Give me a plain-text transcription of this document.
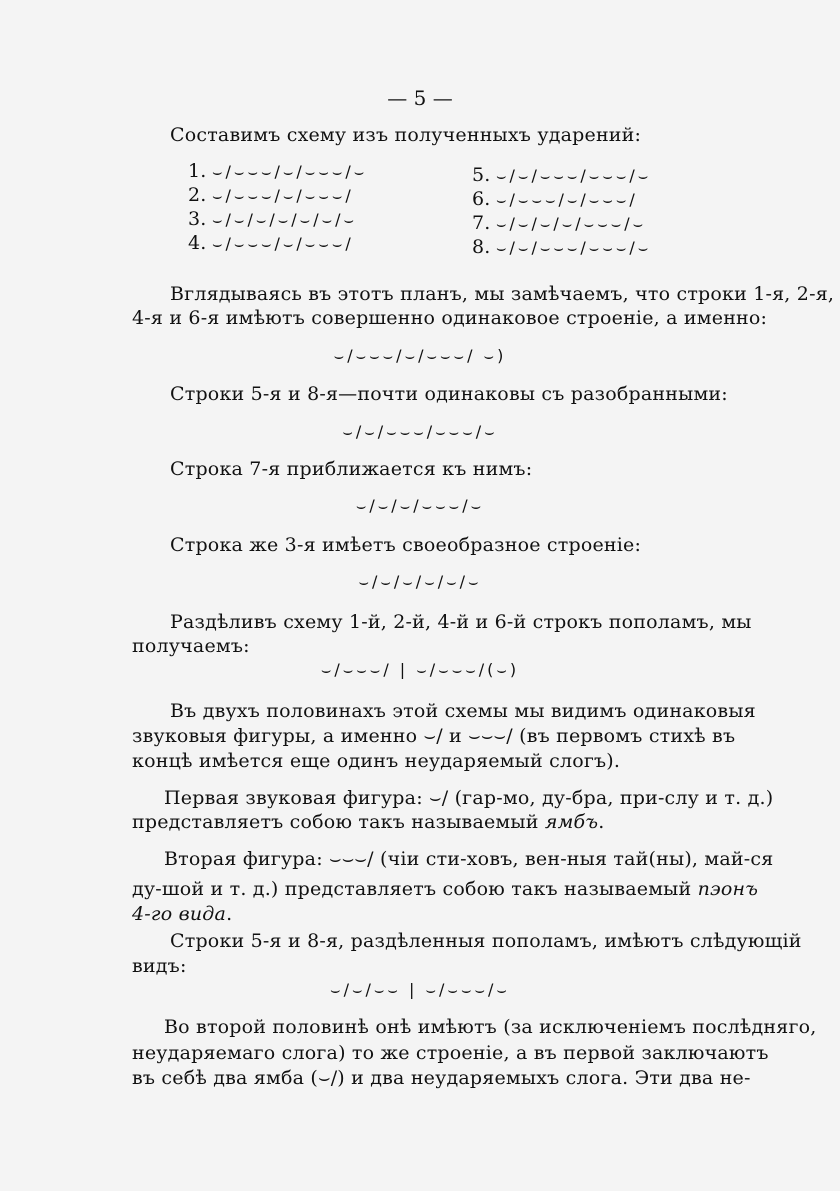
— 5 —
Составимъ схему изъ полученныхъ ударений:
1. ⌣/⌣⌣⌣/⌣/⌣⌣⌣/⌣
2. ⌣/⌣⌣⌣/⌣/⌣⌣⌣/
3. ⌣/⌣/⌣/⌣/⌣/⌣/⌣
4. ⌣/⌣⌣⌣/⌣/⌣⌣⌣/
5. ⌣/⌣/⌣⌣⌣/⌣⌣⌣/⌣
6. ⌣/⌣⌣⌣/⌣/⌣⌣⌣/
7. ⌣/⌣/⌣/⌣/⌣⌣⌣/⌣
8. ⌣/⌣/⌣⌣⌣/⌣⌣⌣/⌣
Вглядываясь въ этотъ планъ, мы замѣчаемъ, что строки 1-я, 2-я,
4-я и 6-я имѣютъ совершенно одинаковое строеніе, а именно:
⌣/⌣⌣⌣/⌣/⌣⌣⌣/ ⌣)
Строки 5-я и 8-я—почти одинаковы съ разобранными:
⌣/⌣/⌣⌣⌣/⌣⌣⌣/⌣
Строка 7-я приближается къ нимъ:
⌣/⌣/⌣/⌣⌣⌣/⌣
Строка же 3-я имѣетъ своеобразное строеніе:
⌣/⌣/⌣/⌣/⌣/⌣
Раздѣливъ схему 1-й, 2-й, 4-й и 6-й строкъ пополамъ, мы
получаемъ:
⌣/⌣⌣⌣/ | ⌣/⌣⌣⌣/(⌣)
Въ двухъ половинахъ этой схемы мы видимъ одинаковыя
звуковыя фигуры, а именно ⌣/ и ⌣⌣⌣/ (въ первомъ стихѣ въ
концѣ имѣется еще одинъ неударяемый слогъ).
Первая звуковая фигура: ⌣/ (гар-мо, ду-бра, при-слу и т. д.)
представляетъ собою такъ называемый ямбъ.
Вторая фигура: ⌣⌣⌣/ (чіи сти-ховъ, вен-ныя тай(ны), май-ся
ду-шой и т. д.) представляетъ собою такъ называемый пэонъ
4-го вида.
Строки 5-я и 8-я, раздѣленныя пополамъ, имѣютъ слѣдующій
видъ:
⌣/⌣/⌣⌣ | ⌣/⌣⌣⌣/⌣
Во второй половинѣ онѣ имѣютъ (за исключеніемъ послѣдняго,
неударяемаго слога) то же строеніе, а въ первой заключаютъ
въ себѣ два ямба (⌣/) и два неударяемыхъ слога. Эти два не-
